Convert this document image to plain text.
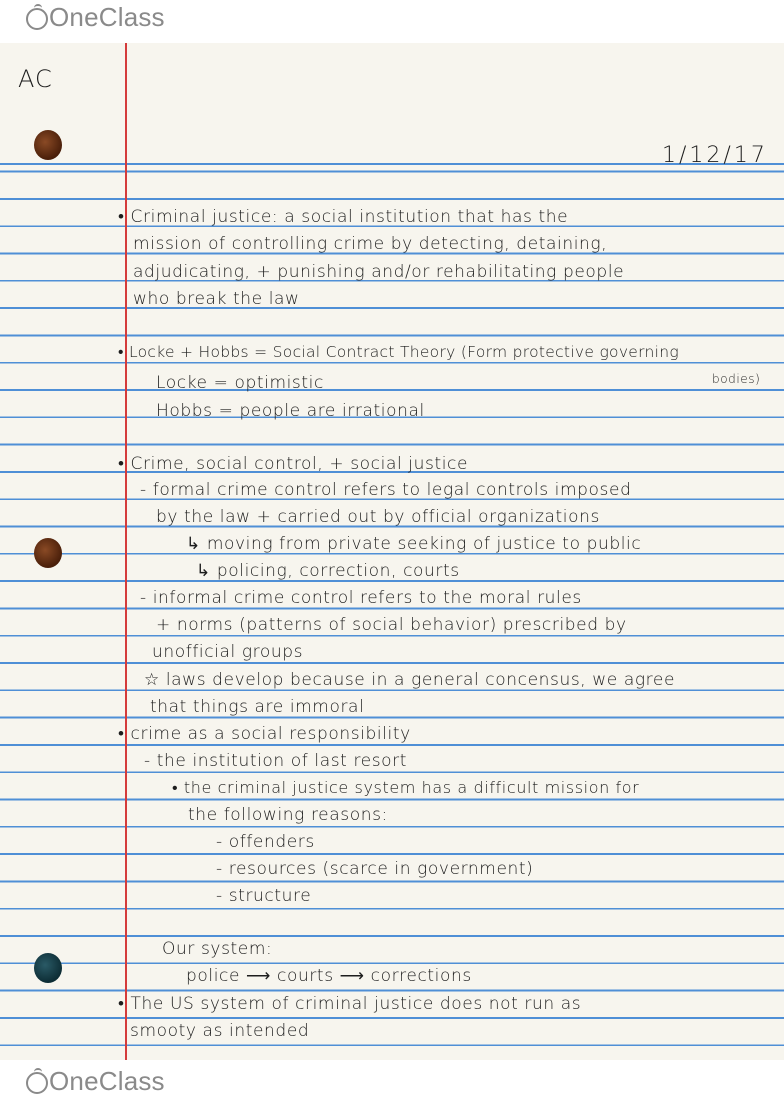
OneClass
AC
1/12/17
• Criminal justice: a social institution that has the
mission of controlling crime by detecting, detaining,
adjudicating, + punishing and/or rehabilitating people
who break the law
• Locke + Hobbs = Social Contract Theory (Form protective governing
bodies)
Locke = optimistic
Hobbs = people are irrational
• Crime, social control, + social justice
- formal crime control refers to legal controls imposed
by the law + carried out by official organizations
↳ moving from private seeking of justice to public
↳ policing, correction, courts
- informal crime control refers to the moral rules
+ norms (patterns of social behavior) prescribed by
unofficial groups
☆ laws develop because in a general concensus, we agree
that things are immoral
• crime as a social responsibility
- the institution of last resort
• the criminal justice system has a difficult mission for
the following reasons:
- offenders
- resources (scarce in government)
- structure
Our system:
police ⟶ courts ⟶ corrections
• The US system of criminal justice does not run as
smooty as intended
OneClass
